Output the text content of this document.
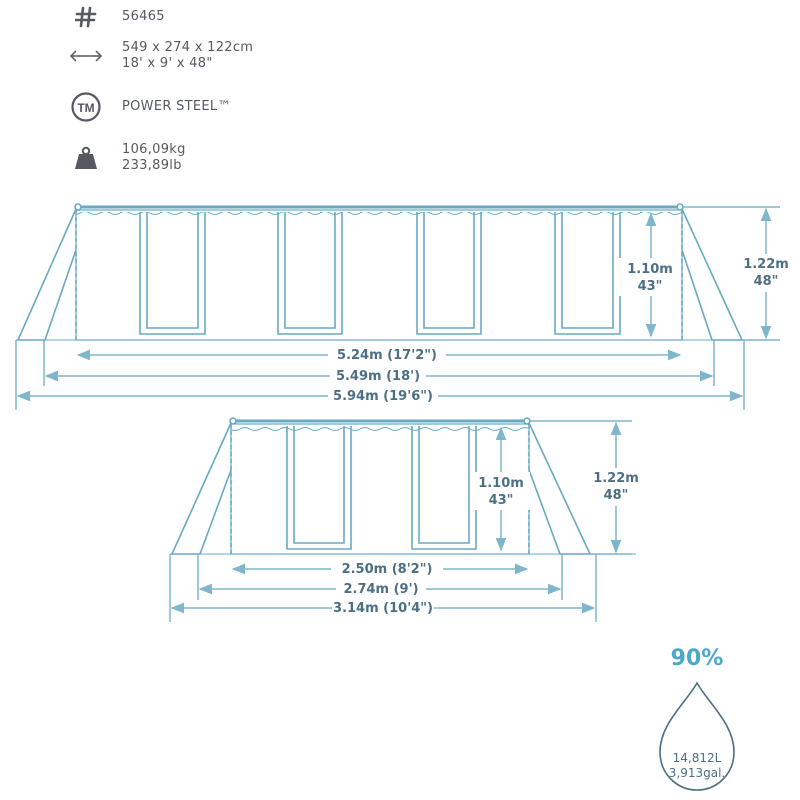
56465
549 x 274 x 122cm
18' x 9' x 48"
TM POWER STEEL™
106,09kg
233,89lb
1.10m
43"
1.22m
48"
5.24m (17'2")
5.49m (18')
5.94m (19'6")
1.10m
43"
1.22m
48"
2.50m (8'2")
2.74m (9')
3.14m (10'4")
90%
14,812L
3,913gal.
